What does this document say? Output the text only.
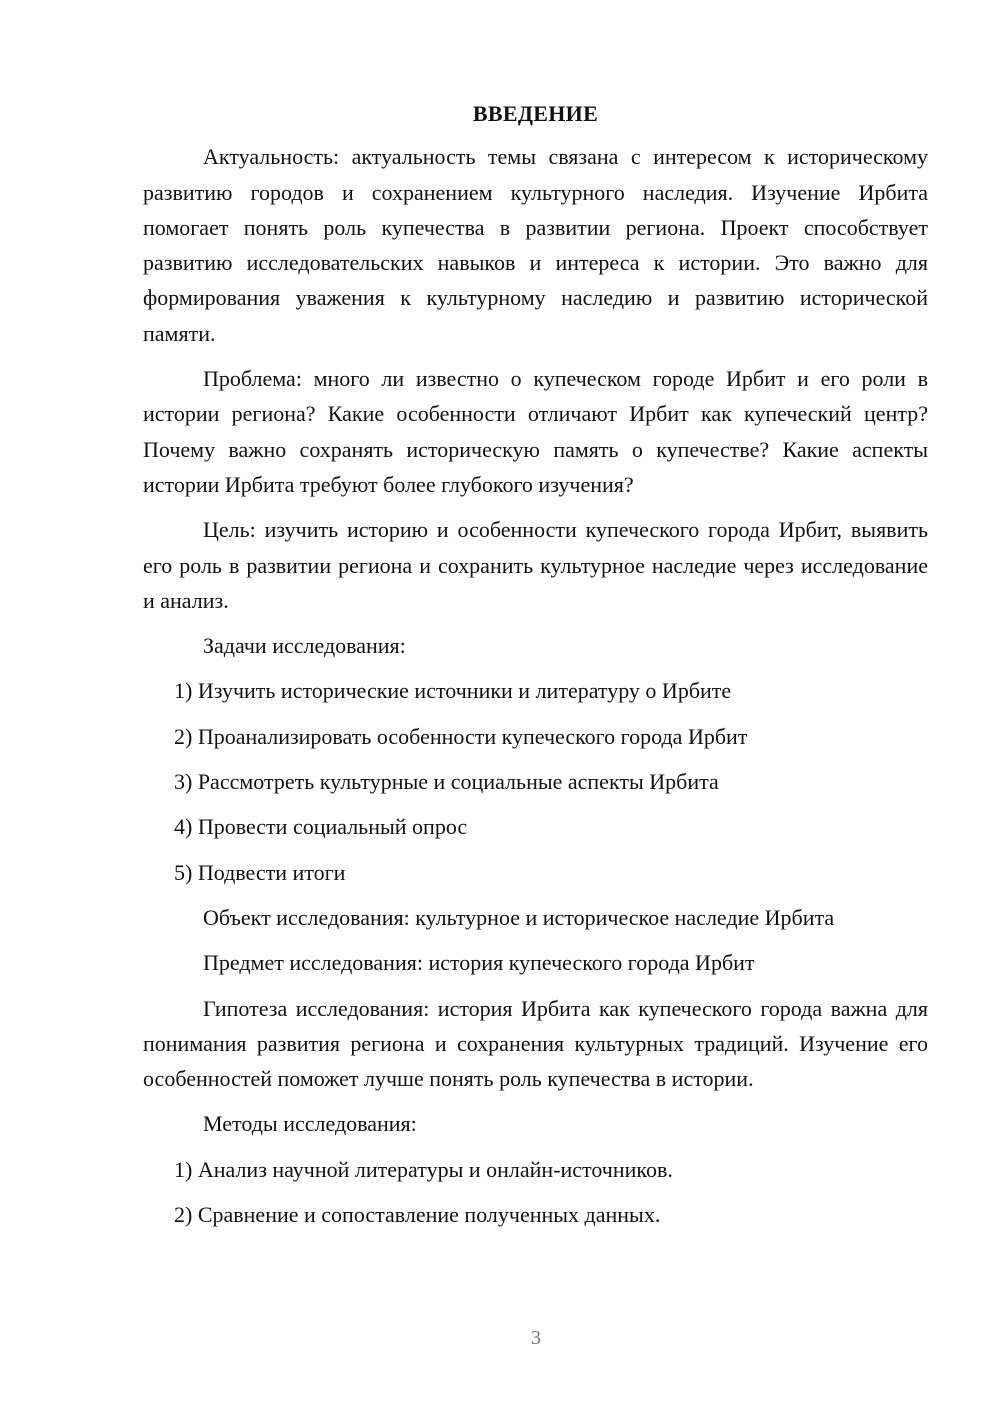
ВВЕДЕНИЕ

Актуальность: актуальность темы связана с интересом к историческому развитию городов и сохранением культурного наследия. Изучение Ирбита помогает понять роль купечества в развитии региона. Проект способствует развитию исследовательских навыков и интереса к истории. Это важно для формирования уважения к культурному наследию и развитию исторической памяти.

Проблема: много ли известно о купеческом городе Ирбит и его роли в истории региона? Какие особенности отличают Ирбит как купеческий центр? Почему важно сохранять историческую память о купечестве? Какие аспекты истории Ирбита требуют более глубокого изучения?

Цель: изучить историю и особенности купеческого города Ирбит, выявить его роль в развитии региона и сохранить культурное наследие через исследование и анализ.

Задачи исследования:
1) Изучить исторические источники и литературу о Ирбите
2) Проанализировать особенности купеческого города Ирбит
3) Рассмотреть культурные и социальные аспекты Ирбита
4) Провести социальный опрос
5) Подвести итоги
Объект исследования: культурное и историческое наследие Ирбита
Предмет исследования: история купеческого города Ирбит

Гипотеза исследования: история Ирбита как купеческого города важна для понимания развития региона и сохранения культурных традиций. Изучение его особенностей поможет лучше понять роль купечества в истории.

Методы исследования:
1) Анализ научной литературы и онлайн-источников.
2) Сравнение и сопоставление полученных данных.
3
